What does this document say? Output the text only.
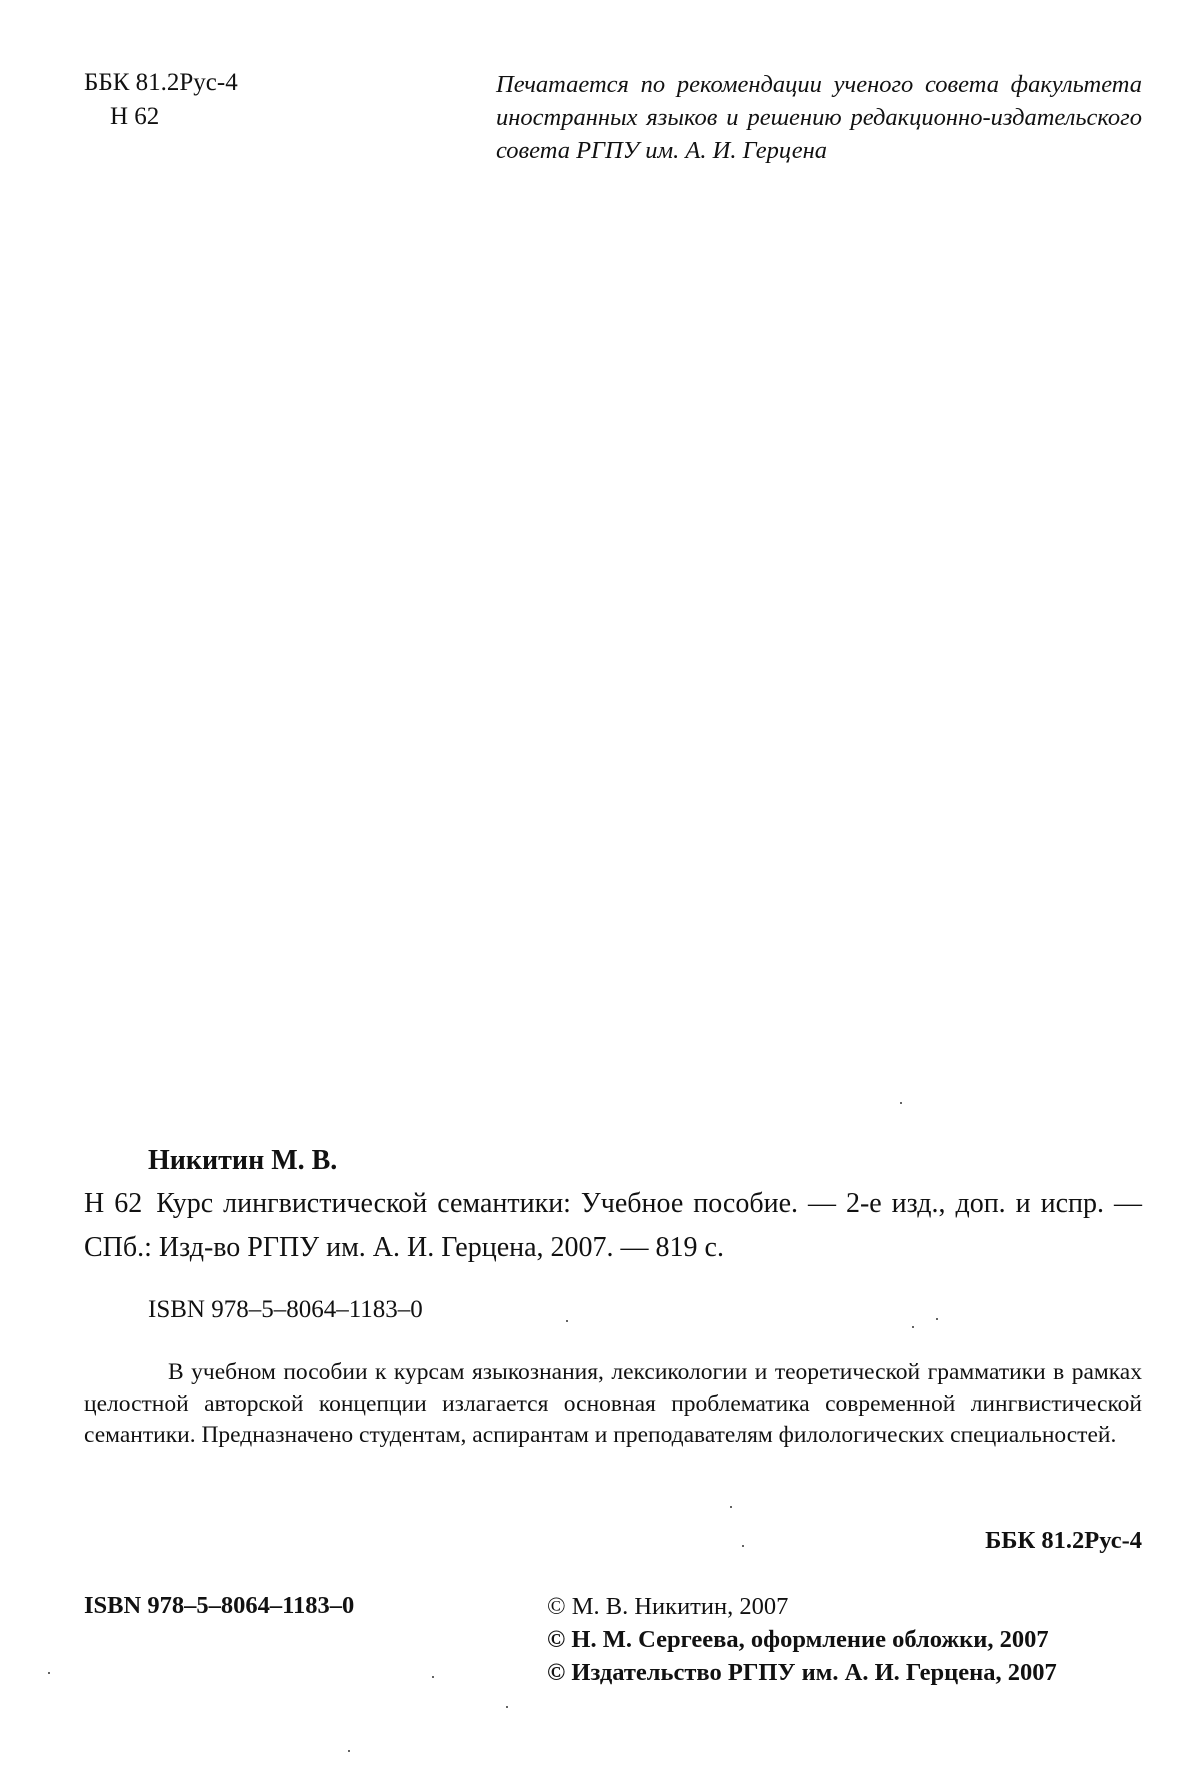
ББК 81.2Рус-4
Н 62
Печатается по рекомендации ученого совета факультета иностранных языков и решению редакционно-издательского совета РГПУ им. А. И. Герцена
Никитин М. В.
Н 62 Курс лингвистической семантики: Учебное пособие. — 2-е изд., доп. и испр. — СПб.: Изд-во РГПУ им. А. И. Герцена, 2007. — 819 с.
ISBN 978–5–8064–1183–0
В учебном пособии к курсам языкознания, лексикологии и теоретической грамматики в рамках целостной авторской концепции излагается основная проблематика современной лингвистической семантики. Предназначено студентам, аспирантам и преподавателям филологических специальностей.
ББК 81.2Рус-4
ISBN 978–5–8064–1183–0	© М. В. Никитин, 2007
© Н. М. Сергеева, оформление обложки, 2007
© Издательство РГПУ им. А. И. Герцена, 2007
